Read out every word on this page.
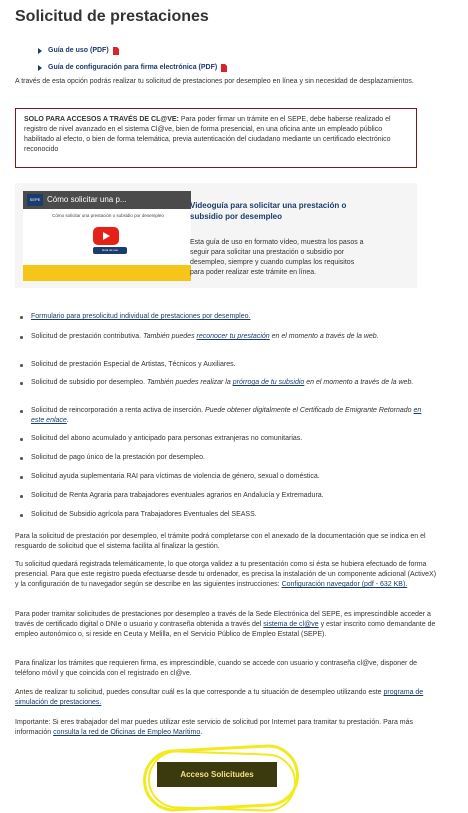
Solicitud de prestaciones
Guía de uso (PDF)
Guía de configuración para firma electrónica (PDF)

A través de esta opción podrás realizar tu solicitud de prestaciones por desempleo en línea y sin necesidad de desplazamientos.

SOLO PARA ACCESOS A TRAVÉS DE CL@VE: Para poder firmar un trámite en el SEPE, debe haberse realizado el registro de nivel avanzado en el sistema Cl@ve, bien de forma presencial, en una oficina ante un empleado público habilitado al efecto, o bien de forma telemática, previa autenticación del ciudadano mediante un certificado electrónico reconocido
SEPE Cómo solicitar una p...
Cómo solicitar una prestación o subsidio por desempleo
Guía de uso
Videoguía para solicitar una prestación o subsidio por desempleo
Esta guía de uso en formato vídeo, muestra los pasos a seguir para solicitar una prestación o subsidio por desempleo, siempre y cuando cumplas los requisitos para poder realizar este trámite en línea.
Formulario para presolicitud individual de prestaciones por desempleo.
Solicitud de prestación contributiva. También puedes reconocer tu prestación en el momento a través de la web.
Solicitud de prestación Especial de Artistas, Técnicos y Auxiliares.
Solicitud de subsidio por desempleo. También puedes realizar la prórroga de tu subsidio en el momento a través de la web.
Solicitud de reincorporación a renta activa de inserción. Puede obtener digitalmente el Certificado de Emigrante Retornado en este enlace.
Solicitud del abono acumulado y anticipado para personas extranjeras no comunitarias.
Solicitud de pago único de la prestación por desempleo.
Solicitud ayuda suplementaria RAI para víctimas de violencia de género, sexual o doméstica.
Solicitud de Renta Agraria para trabajadores eventuales agrarios en Andalucía y Extremadura.
Solicitud de Subsidio agrícola para Trabajadores Eventuales del SEASS.

Para la solicitud de prestación por desempleo, el trámite podrá completarse con el anexado de la documentación que se indica en el resguardo de solicitud que el sistema facilita al finalizar la gestión.

Tu solicitud quedará registrada telemáticamente, lo que otorga validez a tu presentación como si ésta se hubiera efectuado de forma presencial. Para que este registro pueda efectuarse desde tu ordenador, es precisa la instalación de un componente adicional (ActiveX) y la configuración de tu navegador según se describe en las siguientes instrucciones: Configuración navegador (pdf - 632 KB).

Para poder tramitar solicitudes de prestaciones por desempleo a través de la Sede Electrónica del SEPE, es imprescindible acceder a través de certificado digital o DNIe o usuario y contraseña obtenida a través del sistema de cl@ve y estar inscrito como demandante de empleo autonómico o, si reside en Ceuta y Melilla, en el Servicio Público de Empleo Estatal (SEPE).

Para finalizar los trámites que requieren firma, es imprescindible, cuando se accede con usuario y contraseña cl@ve, disponer de teléfono móvil y que coincida con el registrado en cl@ve.

Antes de realizar tu solicitud, puedes consultar cuál es la que corresponde a tu situación de desempleo utilizando este programa de simulación de prestaciones.

Importante: Si eres trabajador del mar puedes utilizar este servicio de solicitud por Internet para tramitar tu prestación. Para más información consulta la red de Oficinas de Empleo Marítimo.

Acceso Solicitudes
